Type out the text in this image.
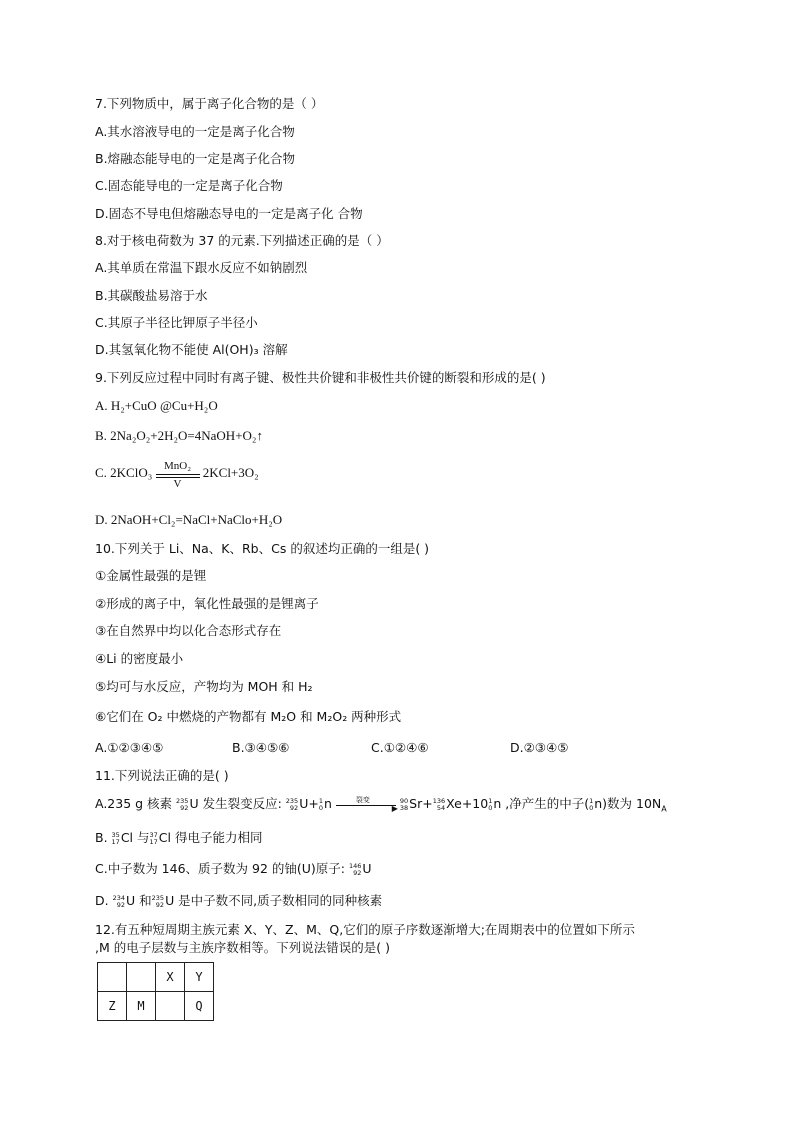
7.下列物质中，属于离子化合物的是（ ）
A.其水溶液导电的一定是离子化合物
B.熔融态能导电的一定是离子化合物
C.固态能导电的一定是离子化合物
D.固态不导电但熔融态导电的一定是离子化 合物
8.对于核电荷数为 37 的元素.下列描述正确的是（ ）
A.其单质在常温下跟水反应不如钠剧烈
B.其碳酸盐易溶于水
C.其原子半径比钾原子半径小
D.其氢氧化物不能使 Al(OH)₃ 溶解
9.下列反应过程中同时有离子键、极性共价键和非极性共价键的断裂和形成的是( )
A. H₂+CuO @Cu+H₂O
B. 2Na₂O₂+2H₂O=4NaOH+O₂↑
C. 2KClO₃	MnO₂
V
2KCl+3O₂
D. 2NaOH+Cl₂=NaCl+NaClo+H₂O
10.下列关于 Li、Na、K、Rb、Cs 的叙述均正确的一组是( )
①金属性最强的是锂
②形成的离子中，氧化性最强的是锂离子
③在自然界中均以化合态形式存在
④Li 的密度最小
⑤均可与水反应，产物均为 MOH 和 H₂
⑥它们在 O₂ 中燃烧的产物都有 M₂O 和 M₂O₂ 两种形式
A.①②③④⑤	B.③④⑤⑥	C.①②④⑥	D.②③④⑤
11.下列说法正确的是( )
A.235 g 核素 235
92 U 发生裂变反应: 235
92 U+ 1
0 n	裂变
▶

90
38 Sr+ 136
54 Xe+10 1
0 n ,净产生的中子( 1
0 n)数为 $10N_A$
B. 35
17 Cl 与 37
17 Cl 得电子能力相同
C.中子数为 146、质子数为 92 的铀(U)原子: 146
92 U
D. 234
92 U 和 235
92 U 是中子数不同,质子数相同的同种核素
12.有五种短周期主族元素 X、Y、Z、M、Q,它们的原子序数逐渐增大;在周期表中的位置如下所示
,M 的电子层数与主族序数相等。下列说法错误的是( )
		X	Y
Z	M		Q
